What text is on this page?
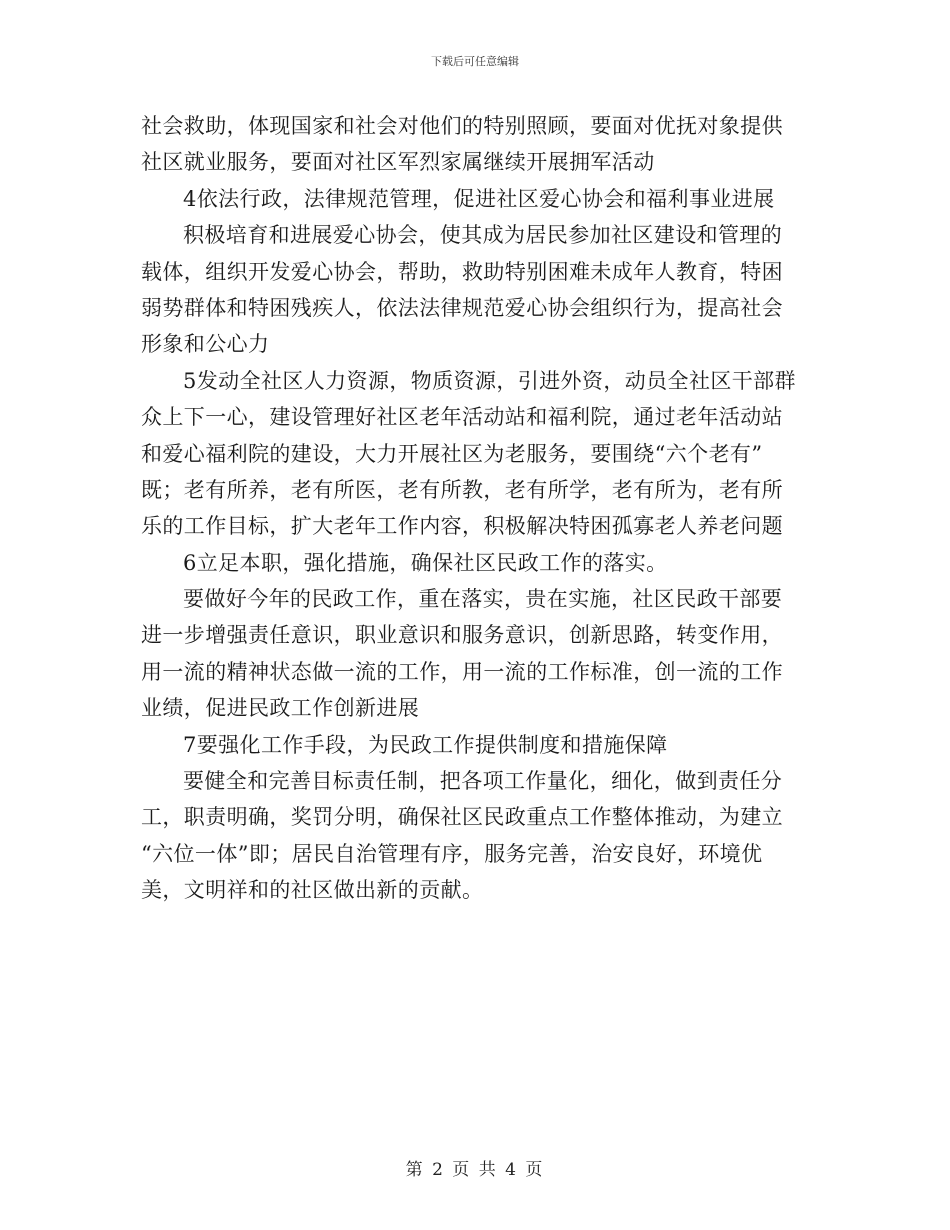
下载后可任意编辑
社会救助，体现国家和社会对他们的特别照顾，要面对优抚对象提供
社区就业服务，要面对社区军烈家属继续开展拥军活动
4依法行政，法律规范管理，促进社区爱心协会和福利事业进展
积极培育和进展爱心协会，使其成为居民参加社区建设和管理的
载体，组织开发爱心协会，帮助，救助特别困难未成年人教育，特困
弱势群体和特困残疾人，依法法律规范爱心协会组织行为，提高社会
形象和公心力
5发动全社区人力资源，物质资源，引进外资，动员全社区干部群
众上下一心，建设管理好社区老年活动站和福利院，通过老年活动站
和爱心福利院的建设，大力开展社区为老服务，要围绕“六个老有”
既；老有所养，老有所医，老有所教，老有所学，老有所为，老有所
乐的工作目标，扩大老年工作内容，积极解决特困孤寡老人养老问题
6立足本职，强化措施，确保社区民政工作的落实。
要做好今年的民政工作，重在落实，贵在实施，社区民政干部要
进一步增强责任意识，职业意识和服务意识，创新思路，转变作用，
用一流的精神状态做一流的工作，用一流的工作标准，创一流的工作
业绩，促进民政工作创新进展
7要强化工作手段，为民政工作提供制度和措施保障
要健全和完善目标责任制，把各项工作量化，细化，做到责任分
工，职责明确，奖罚分明，确保社区民政重点工作整体推动，为建立
“六位一体”即；居民自治管理有序，服务完善，治安良好，环境优
美，文明祥和的社区做出新的贡献。
第 2 页 共 4 页
